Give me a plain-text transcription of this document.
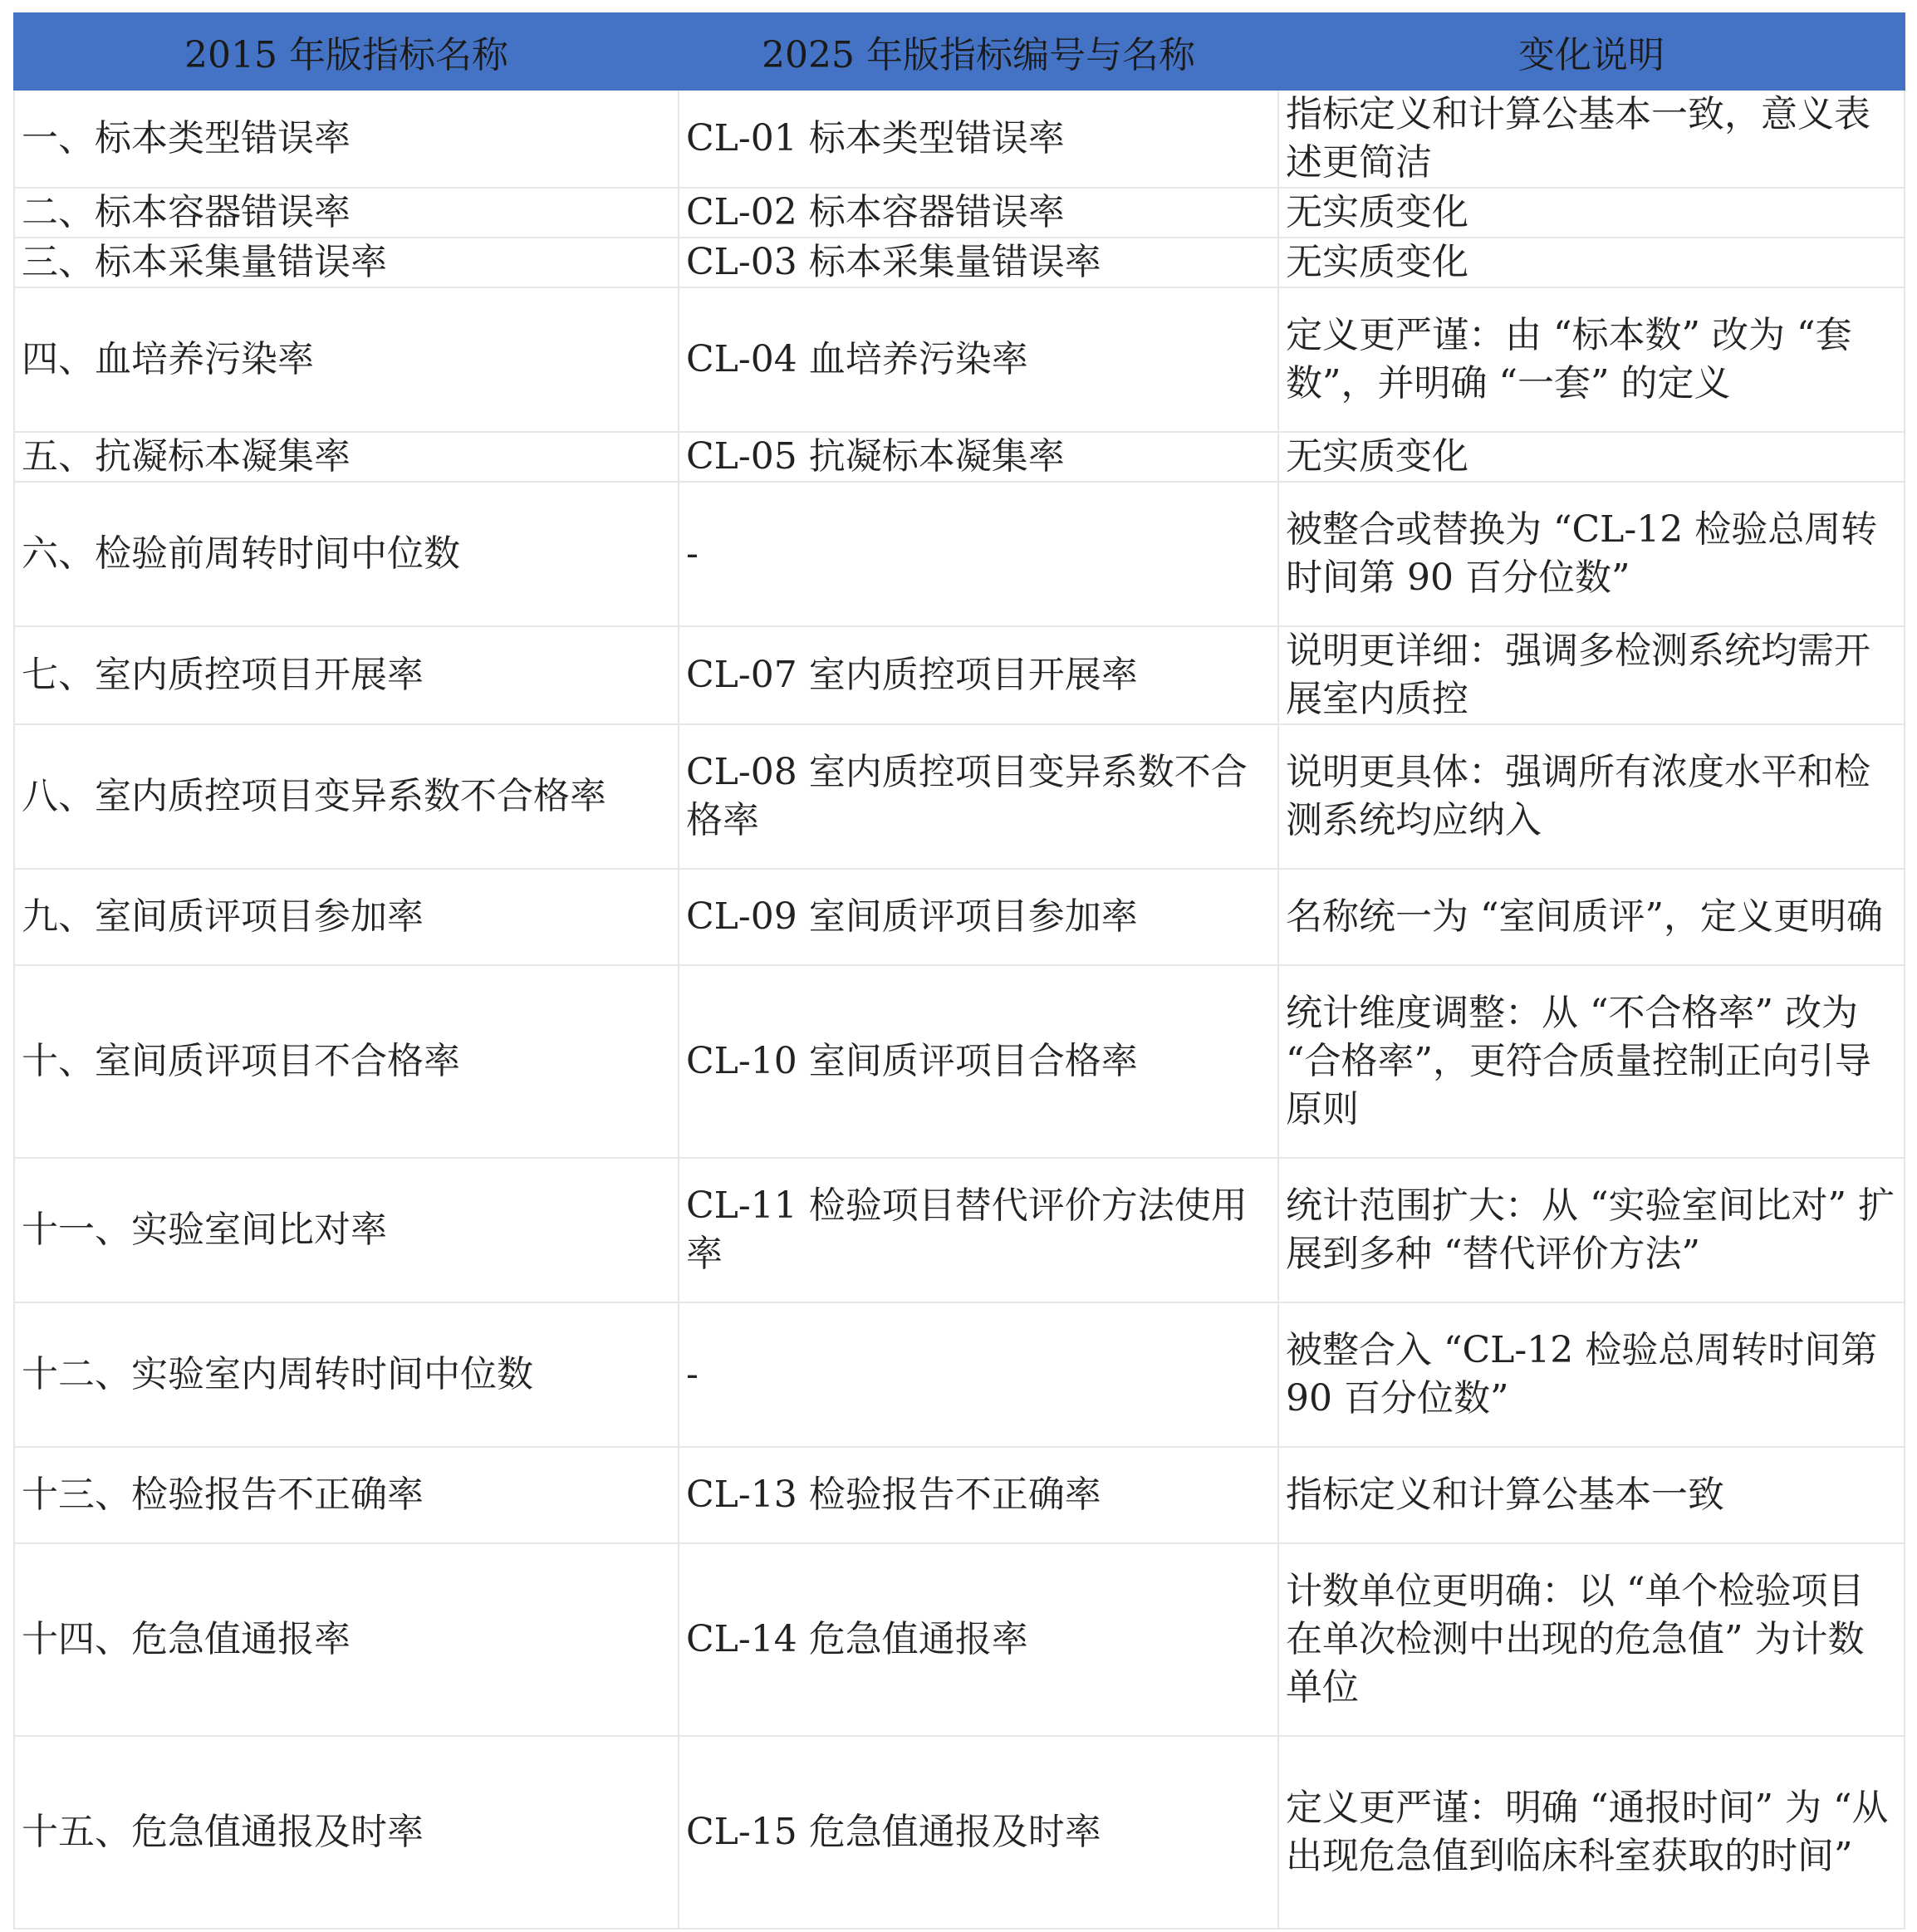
2015 年版指标名称	2025 年版指标编号与名称	变化说明
一、标本类型错误率	CL-01 标本类型错误率	指标定义和计算公基本一致，意义表述更简洁
二、标本容器错误率	CL-02 标本容器错误率	无实质变化
三、标本采集量错误率	CL-03 标本采集量错误率	无实质变化
四、血培养污染率	CL-04 血培养污染率	定义更严谨：由 “标本数” 改为 “套数”，并明确 “一套” 的定义
五、抗凝标本凝集率	CL-05 抗凝标本凝集率	无实质变化
六、检验前周转时间中位数	-	被整合或替换为 “CL-12 检验总周转时间第 90 百分位数”
七、室内质控项目开展率	CL-07 室内质控项目开展率	说明更详细：强调多检测系统均需开展室内质控
八、室内质控项目变异系数不合格率	CL-08 室内质控项目变异系数不合格率	说明更具体：强调所有浓度水平和检测系统均应纳入
九、室间质评项目参加率	CL-09 室间质评项目参加率	名称统一为 “室间质评”，定义更明确
十、室间质评项目不合格率	CL-10 室间质评项目合格率	统计维度调整：从 “不合格率” 改为 “合格率”，更符合质量控制正向引导原则
十一、实验室间比对率	CL-11 检验项目替代评价方法使用率	统计范围扩大：从 “实验室间比对” 扩展到多种 “替代评价方法”
十二、实验室内周转时间中位数	-	被整合入 “CL-12 检验总周转时间第 90 百分位数”
十三、检验报告不正确率	CL-13 检验报告不正确率	指标定义和计算公基本一致
十四、危急值通报率	CL-14 危急值通报率	计数单位更明确：以 “单个检验项目在单次检测中出现的危急值” 为计数单位
十五、危急值通报及时率	CL-15 危急值通报及时率	定义更严谨：明确 “通报时间” 为 “从出现危急值到临床科室获取的时间”
